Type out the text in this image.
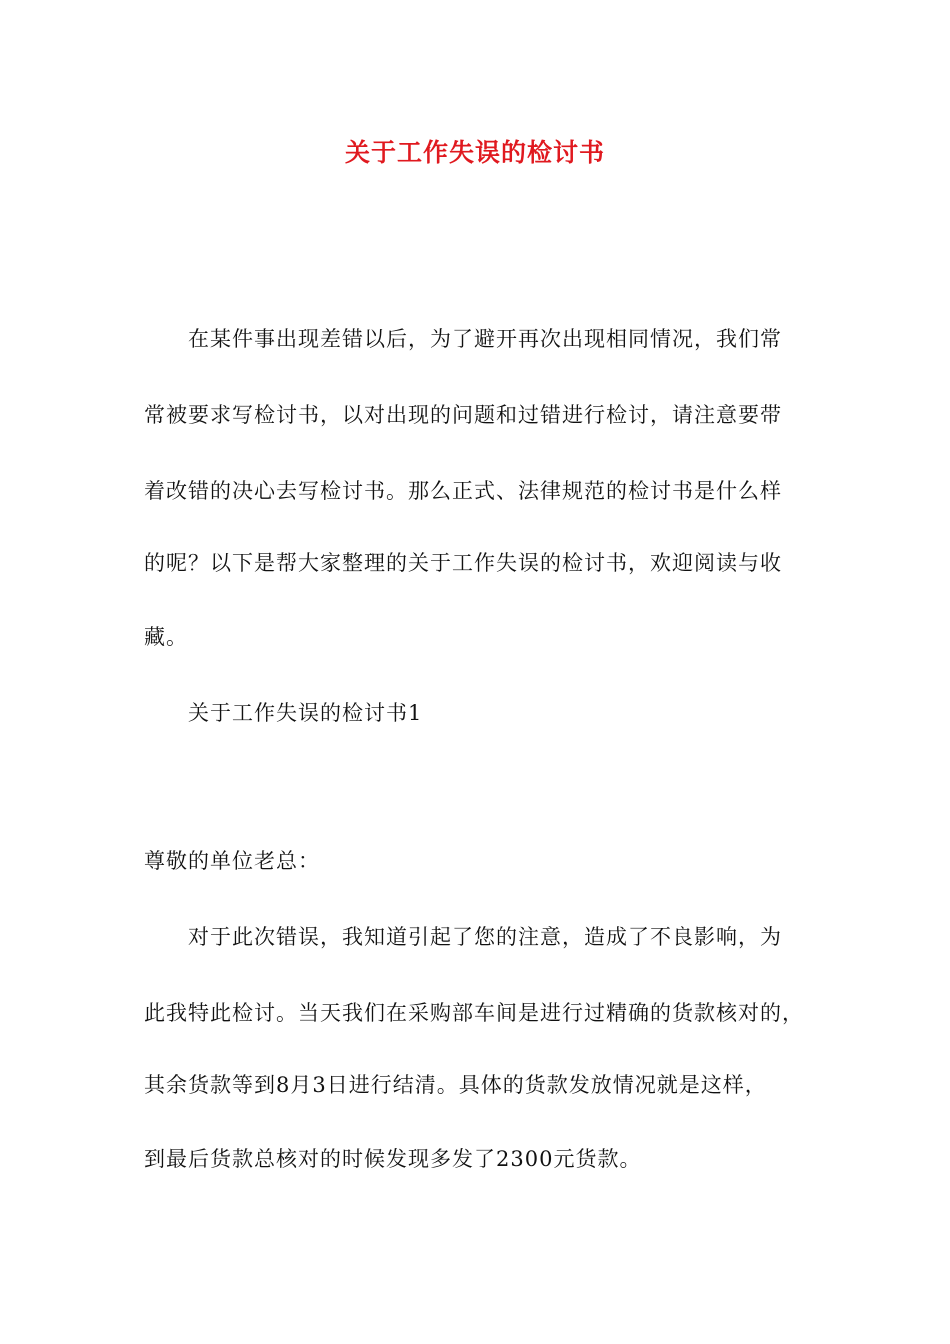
关于工作失误的检讨书
在某件事出现差错以后，为了避开再次出现相同情况，我们常
常被要求写检讨书，以对出现的问题和过错进行检讨，请注意要带
着改错的决心去写检讨书。那么正式、法律规范的检讨书是什么样
的呢？以下是帮大家整理的关于工作失误的检讨书，欢迎阅读与收
藏。
关于工作失误的检讨书1
尊敬的单位老总：
对于此次错误，我知道引起了您的注意，造成了不良影响，为
此我特此检讨。当天我们在采购部车间是进行过精确的货款核对的，
其余货款等到8月3日进行结清。具体的货款发放情况就是这样，
到最后货款总核对的时候发现多发了2300元货款。
